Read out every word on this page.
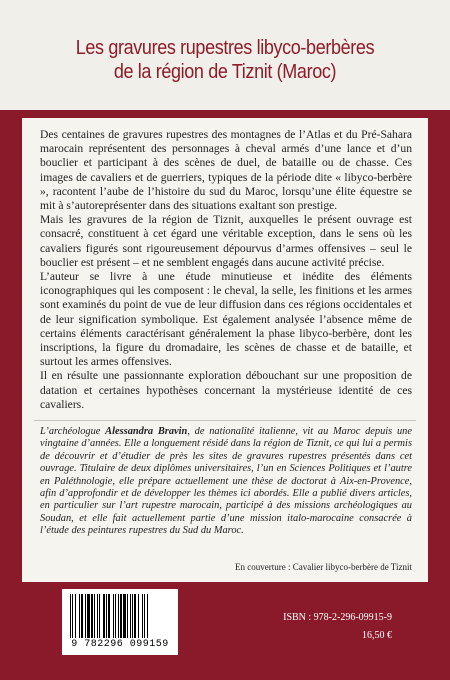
Les gravures rupestres libyco-berbères
de la région de Tiznit (Maroc)

Des centaines de gravures rupestres des montagnes de l’Atlas et du Pré-Sahara marocain représentent des personnages à cheval armés d’une lance et d’un bouclier et participant à des scènes de duel, de bataille ou de chasse. Ces images de cavaliers et de guerriers, typiques de la période dite « libyco-berbère », racontent l’aube de l’histoire du sud du Maroc, lorsqu’une élite équestre se mit à s’autoreprésenter dans des situations exaltant son prestige.

Mais les gravures de la région de Tiznit, auxquelles le présent ouvrage est consacré, constituent à cet égard une véritable exception, dans le sens où les cavaliers figurés sont rigoureusement dépourvus d’armes offensives – seul le bouclier est présent – et ne semblent engagés dans aucune activité précise.

L’auteur se livre à une étude minutieuse et inédite des éléments iconographiques qui les composent : le cheval, la selle, les finitions et les armes sont examinés du point de vue de leur diffusion dans ces régions occidentales et de leur signification symbolique. Est également analysée l’absence même de certains éléments caractérisant généralement la phase libyco-berbère, dont les inscriptions, la figure du dromadaire, les scènes de chasse et de bataille, et surtout les armes offensives.

Il en résulte une passionnante exploration débouchant sur une proposition de datation et certaines hypothèses concernant la mystérieuse identité de ces cavaliers.

L’archéologue Alessandra Bravin, de nationalité italienne, vit au Maroc depuis une vingtaine d’années. Elle a longuement résidé dans la région de Tiznit, ce qui lui a permis de découvrir et d’étudier de près les sites de gravures rupestres présentés dans cet ouvrage. Titulaire de deux diplômes universitaires, l’un en Sciences Politiques et l’autre en Paléthnologie, elle prépare actuellement une thèse de doctorat à Aix-en-Provence, afin d’approfondir et de développer les thèmes ici abordés. Elle a publié divers articles, en particulier sur l’art rupestre marocain, participé à des missions archéologiques au Soudan, et elle fait actuellement partie d’une mission italo-marocaine consacrée à l’étude des peintures rupestres du Sud du Maroc.
En couverture : Cavalier libyco-berbère de Tiznit
9 782296 099159
ISBN : 978-2-296-09915-9
16,50 €
